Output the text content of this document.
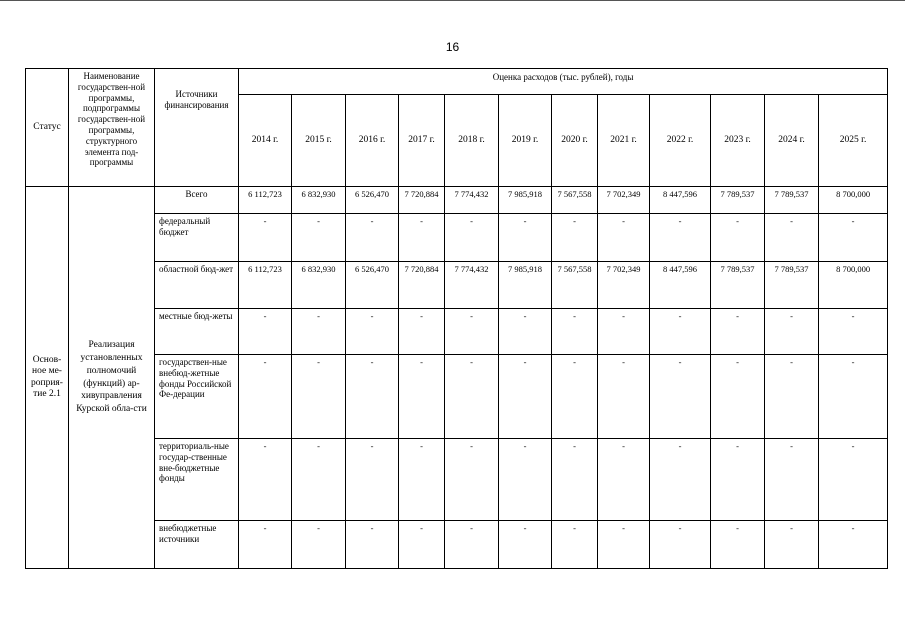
16
Статус	Наименование государствен-ной программы, подпрограммы государствен-ной программы, структурного элемента под-программы	Источники финансирования	Оценка расходов (тыс. рублей), годы											
			2014 г.	2015 г.	2016 г.	2017 г.	2018 г.	2019 г.	2020 г.	2021 г.	2022 г.	2023 г.	2024 г.	2025 г.
Основ-ное ме-роприя-тие 2.1	Реализация установленных полномочий (функций) ар-хивуправления Курской обла-сти	Всего	6 112,723	6 832,930	6 526,470	7 720,884	7 774,432	7 985,918	7 567,558	7 702,349	8 447,596	7 789,537	7 789,537	8 700,000
		федеральный бюджет	-	-	-	-	-	-	-	-	-	-	-	-
		областной бюд-жет	6 112,723	6 832,930	6 526,470	7 720,884	7 774,432	7 985,918	7 567,558	7 702,349	8 447,596	7 789,537	7 789,537	8 700,000
		местные бюд-жеты	-	-	-	-	-	-	-	-	-	-	-	-
		государствен-ные внебюд-жетные фонды Российской Фе-дерации	-	-	-	-	-	-	-	-	-	-	-	-
		территориаль-ные государ-ственные вне-бюджетные фонды	-	-	-	-	-	-	-	-	-	-	-	-
		внебюджетные источники	-	-	-	-	-	-	-	-	-	-	-	-
